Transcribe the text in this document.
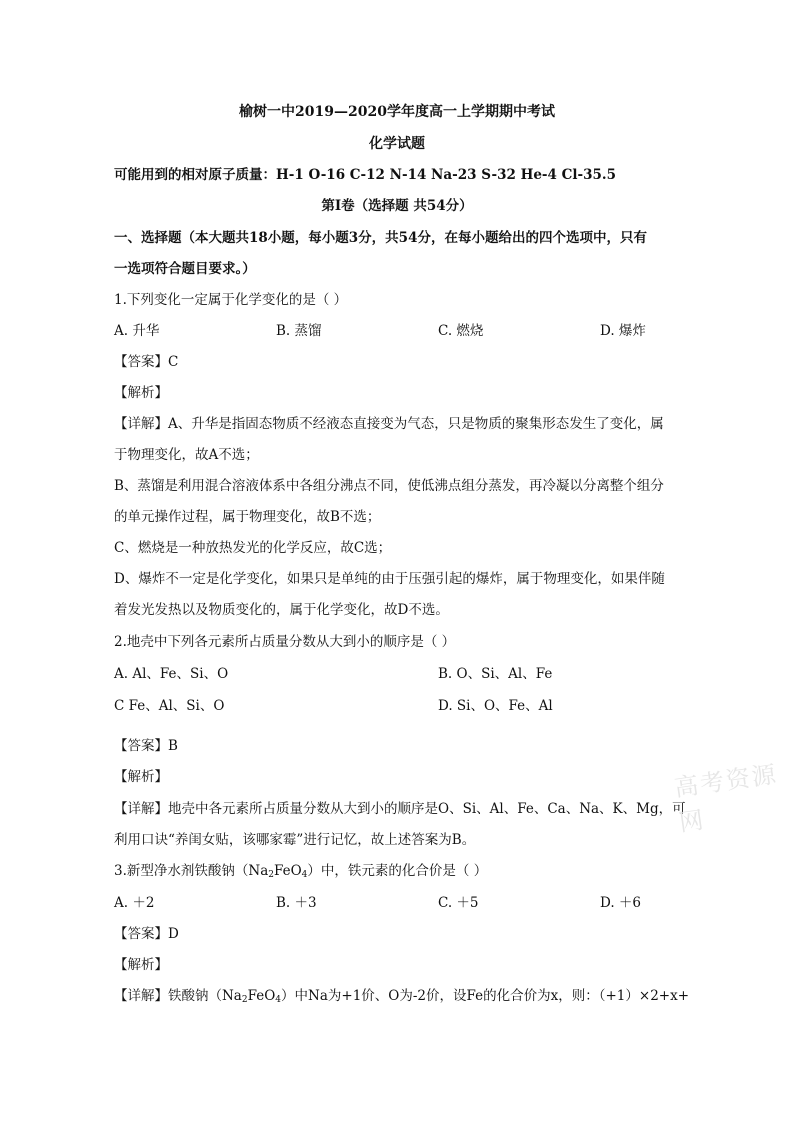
榆树一中2019—2020学年度高一上学期期中考试
化学试题
可能用到的相对原子质量：H-1 O-16 C-12 N-14 Na-23 S-32 He-4 Cl-35.5
第Ⅰ卷（选择题 共54分）
一、选择题（本大题共18小题，每小题3分，共54分，在每小题给出的四个选项中，只有
一选项符合题目要求。）
1.下列变化一定属于化学变化的是（ ）
A. 升华	B. 蒸馏	C. 燃烧	D. 爆炸
【答案】C
【解析】
【详解】A、升华是指固态物质不经液态直接变为气态，只是物质的聚集形态发生了变化，属
于物理变化，故A不选；
B、蒸馏是利用混合溶液体系中各组分沸点不同，使低沸点组分蒸发，再冷凝以分离整个组分
的单元操作过程，属于物理变化，故B不选；
C、燃烧是一种放热发光的化学反应，故C选；
D、爆炸不一定是化学变化，如果只是单纯的由于压强引起的爆炸，属于物理变化，如果伴随
着发光发热以及物质变化的，属于化学变化，故D不选。
2.地壳中下列各元素所占质量分数从大到小的顺序是（ ）
A. Al、Fe、Si、O	B. O、Si、Al、Fe
C Fe、Al、Si、O	D. Si、O、Fe、Al
【答案】B
【解析】
【详解】地壳中各元素所占质量分数从大到小的顺序是O、Si、Al、Fe、Ca、Na、K、Mg，可
利用口诀“养闺女贴，该哪家霉”进行记忆，故上述答案为B。
3.新型净水剂铁酸钠$(Na_2FeO_4)$中，铁元素的化合价是（ ）
A. ＋2	B. ＋3	C. ＋5	D. ＋6
【答案】D
【解析】
【详解】铁酸钠$(Na_2FeO_4)$中Na为+1价、O为-2价，设Fe的化合价为x，则：（+1）×2+x+
高考资源网
